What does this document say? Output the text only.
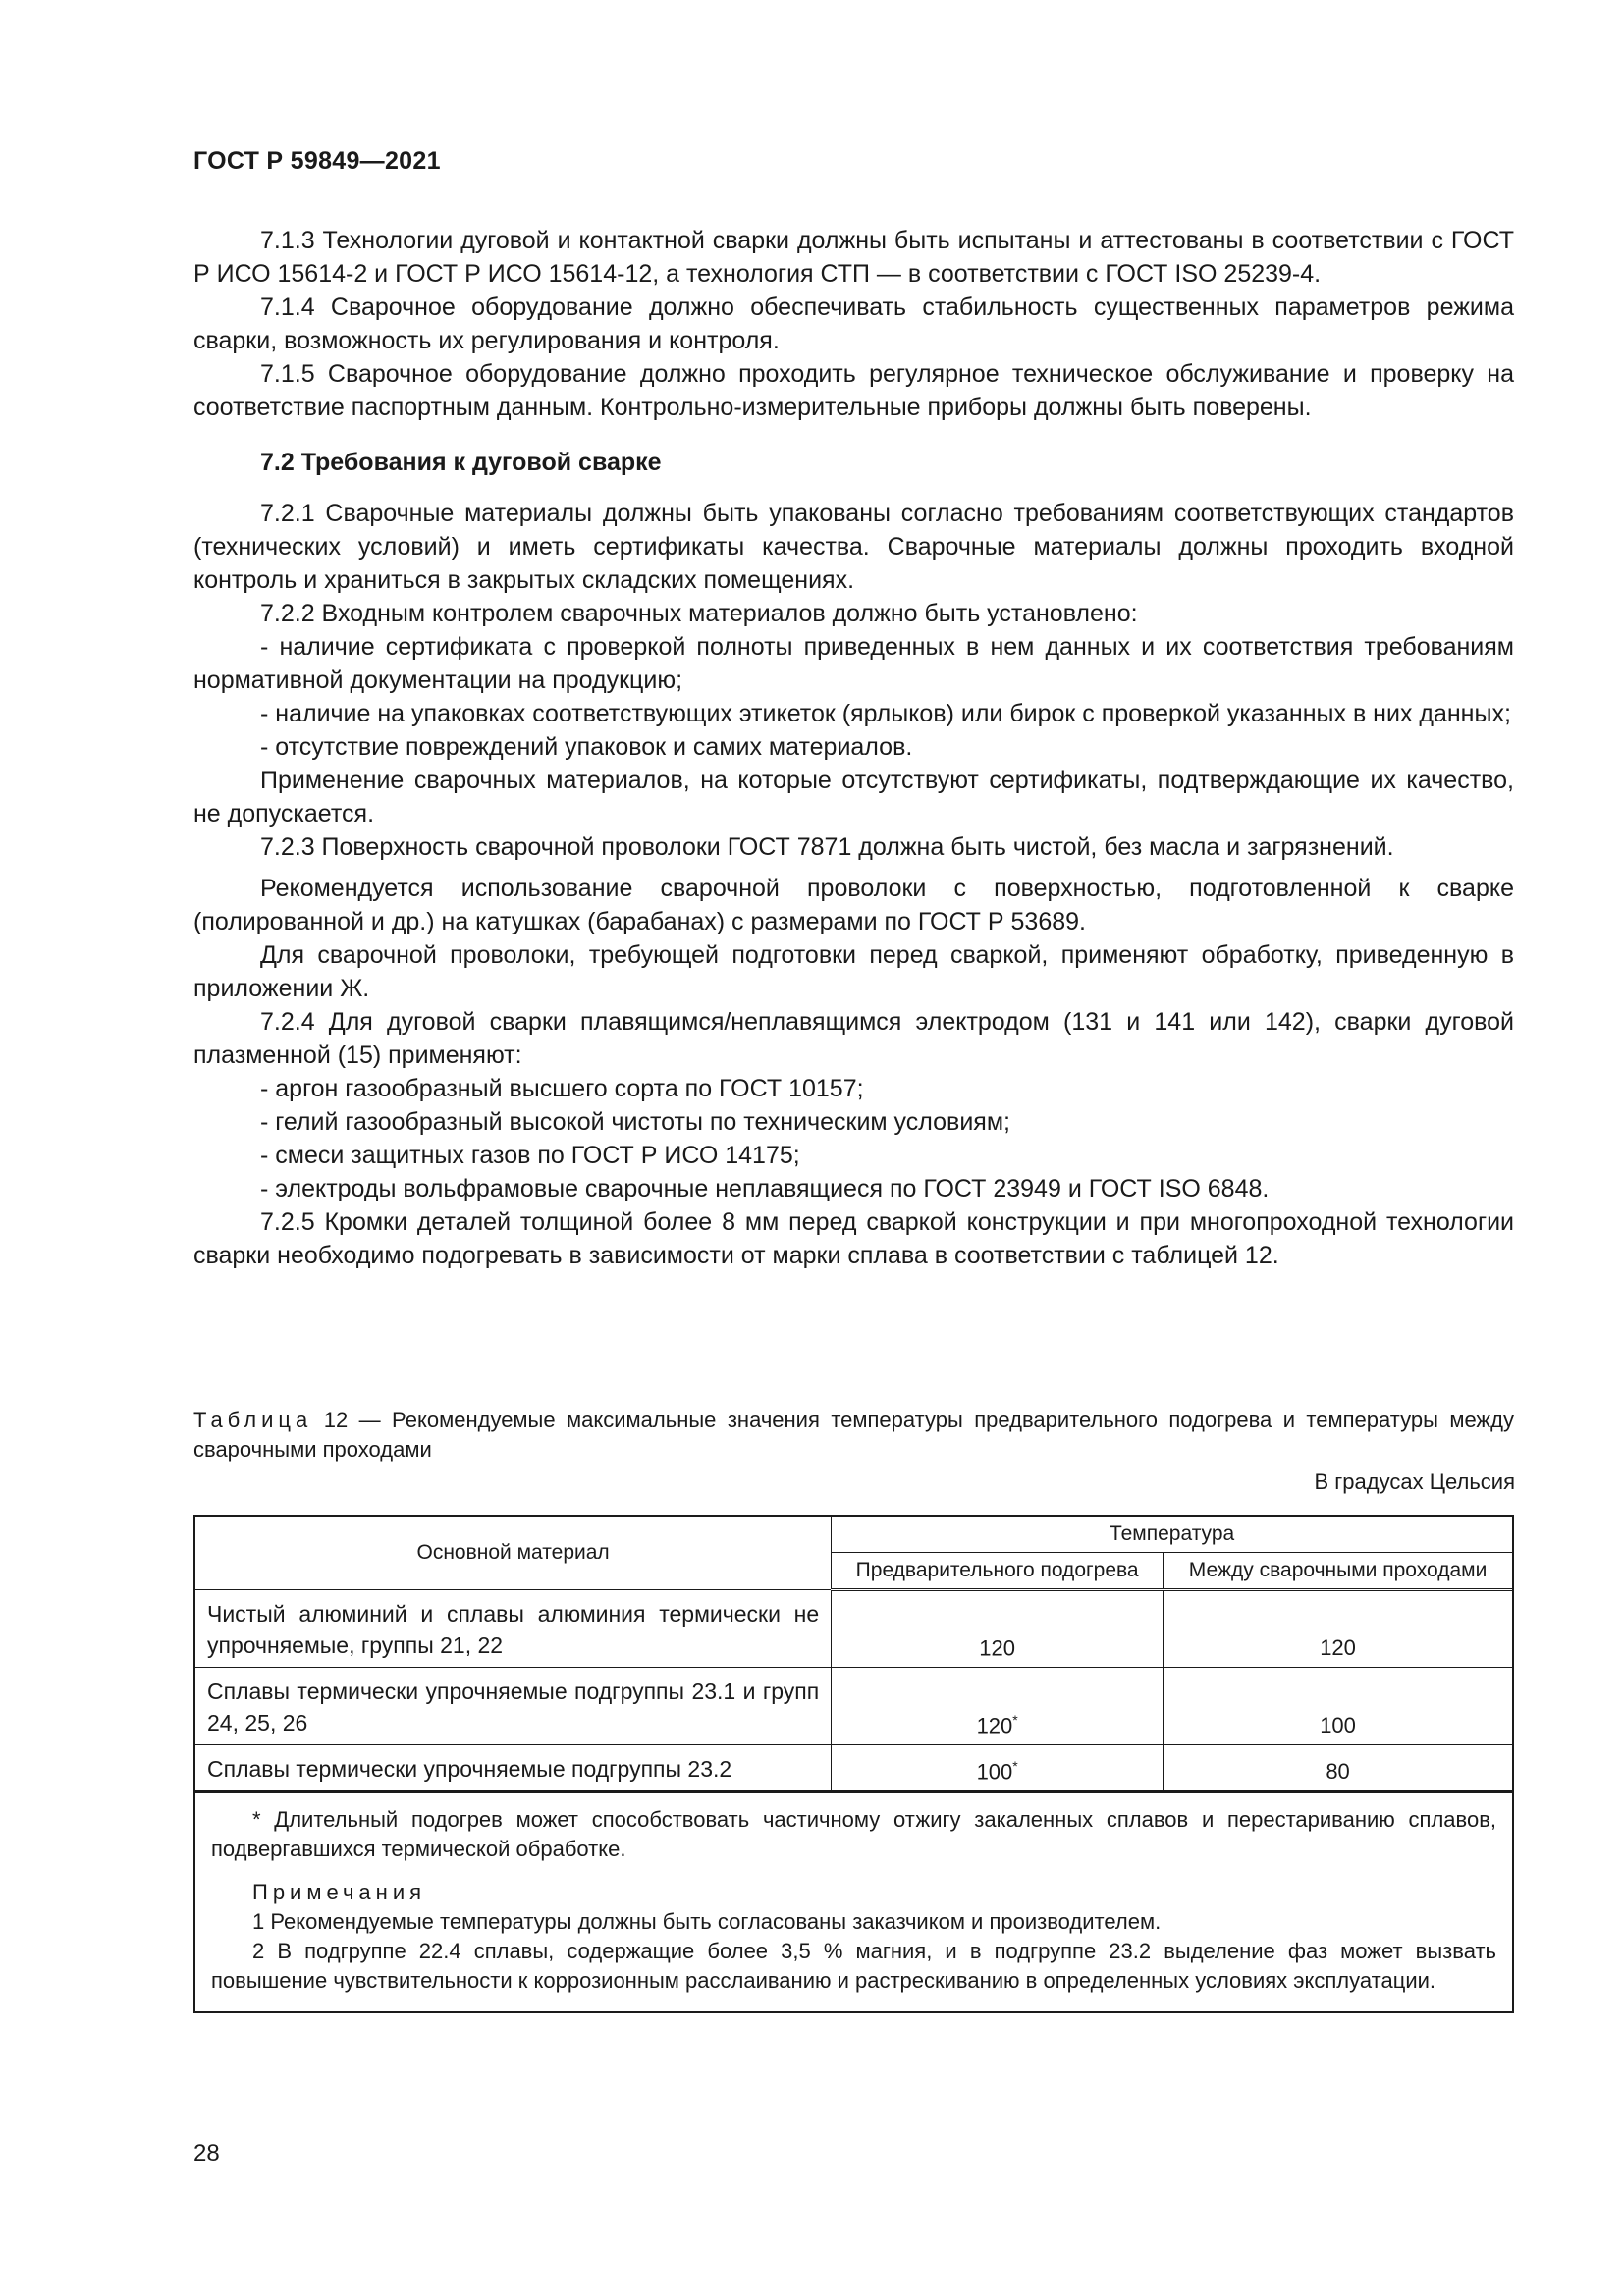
ГОСТ Р 59849—2021

7.1.3 Технологии дуговой и контактной сварки должны быть испытаны и аттестованы в соответствии с ГОСТ Р ИСО 15614-2 и ГОСТ Р ИСО 15614-12, а технология СТП — в соответствии с ГОСТ ISO 25239-4.

7.1.4 Сварочное оборудование должно обеспечивать стабильность существенных параметров режима сварки, возможность их регулирования и контроля.

7.1.5 Сварочное оборудование должно проходить регулярное техническое обслуживание и проверку на соответствие паспортным данным. Контрольно-измерительные приборы должны быть поверены.

7.2 Требования к дуговой сварке

7.2.1 Сварочные материалы должны быть упакованы согласно требованиям соответствующих стандартов (технических условий) и иметь сертификаты качества. Сварочные материалы должны проходить входной контроль и храниться в закрытых складских помещениях.

7.2.2 Входным контролем сварочных материалов должно быть установлено:

- наличие сертификата с проверкой полноты приведенных в нем данных и их соответствия требованиям нормативной документации на продукцию;

- наличие на упаковках соответствующих этикеток (ярлыков) или бирок с проверкой указанных в них данных;

- отсутствие повреждений упаковок и самих материалов.

Применение сварочных материалов, на которые отсутствуют сертификаты, подтверждающие их качество, не допускается.

7.2.3 Поверхность сварочной проволоки ГОСТ 7871 должна быть чистой, без масла и загрязнений.

Рекомендуется использование сварочной проволоки с поверхностью, подготовленной к сварке (полированной и др.) на катушках (барабанах) с размерами по ГОСТ Р 53689.

Для сварочной проволоки, требующей подготовки перед сваркой, применяют обработку, приведенную в приложении Ж.

7.2.4 Для дуговой сварки плавящимся/неплавящимся электродом (131 и 141 или 142), сварки дуговой плазменной (15) применяют:

- аргон газообразный высшего сорта по ГОСТ 10157;

- гелий газообразный высокой чистоты по техническим условиям;

- смеси защитных газов по ГОСТ Р ИСО 14175;

- электроды вольфрамовые сварочные неплавящиеся по ГОСТ 23949 и ГОСТ ISO 6848.

7.2.5 Кромки деталей толщиной более 8 мм перед сваркой конструкции и при многопроходной технологии сварки необходимо подогревать в зависимости от марки сплава в соответствии с таблицей 12.

Таблица 12 — Рекомендуемые максимальные значения температуры предварительного подогрева и температуры между сварочными проходами
В градусах Цельсия
Основной материал	Температура	
	Предварительного подогрева	Между сварочными проходами
Чистый алюминий и сплавы алюминия термически не упрочняемые, группы 21, 22	120	120
Сплавы термически упрочняемые подгруппы 23.1 и групп 24, 25, 26	120*	100
Сплавы термически упрочняемые подгруппы 23.2	100*	80

* Длительный подогрев может способствовать частичному отжигу закаленных сплавов и перестариванию сплавов, подвергавшихся термической обработке.

Примечания

1 Рекомендуемые температуры должны быть согласованы заказчиком и производителем.

2 В подгруппе 22.4 сплавы, содержащие более 3,5 % магния, и в подгруппе 23.2 выделение фаз может вызвать повышение чувствительности к коррозионным расслаиванию и растрескиванию в определенных условиях эксплуатации.

28
